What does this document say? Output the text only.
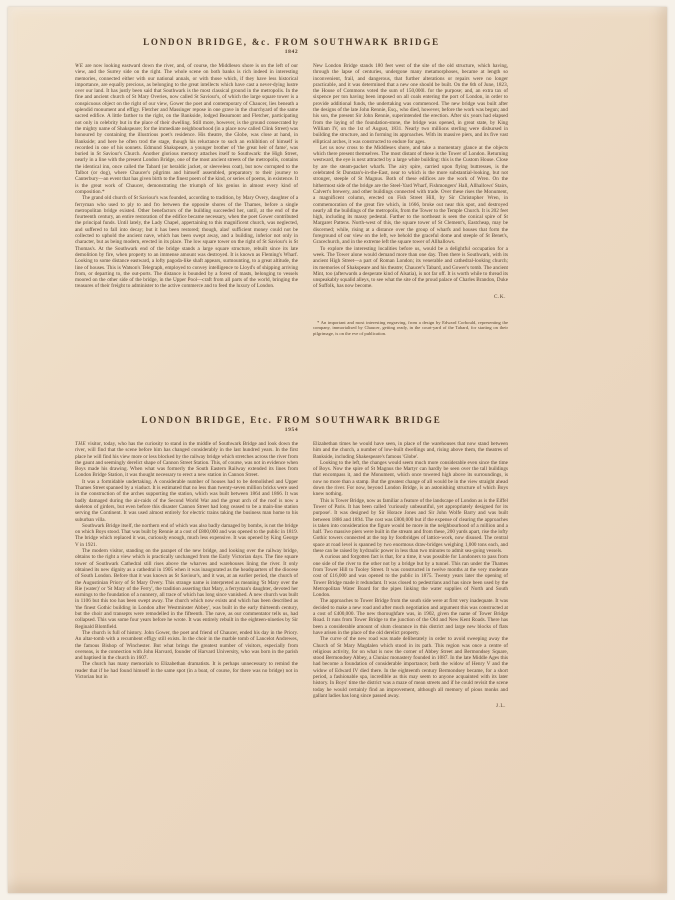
LONDON BRIDGE, &c. FROM SOUTHWARK BRIDGE
1842

WE are now looking eastward down the river, and, of course, the Middlesex shore is on the left of our view, and the Surrey side on the right. The whole scene on both banks is rich indeed in interesting memories, connected either with our national annals, or with those which, if they have less historical importance, are equally precious, as belonging to the great intellects which have cast a never-dying lustre over our land. It has justly been said that Southwark is the most classical ground in the metropolis. In the fine and ancient church of St Mary Overies, now called St Saviour's, of which the large square tower is a conspicuous object on the right of our view, Gower the poet and contemporary of Chaucer, lies beneath a splendid monument and effigy. Fletcher and Massinger repose in one grave in the churchyard of the same sacred edifice. A little farther to the right, on the Bankside, lodged Beaumont and Fletcher, participating not only in celebrity but in the place of their dwelling. Still more, however, is the ground consecrated by the mighty name of Shakspeare; for the immediate neighbourhood (in a place now called Clink Street) was honoured by containing the illustrious poet's residence. His theatre, the Globe, was close at hand, in Bankside; and here he often trod the stage, though his reluctance to such an exhibition of himself is recorded in one of his sonnets. Edmund Shakspeare, a younger brother of 'the great heir of fame', was buried in St Saviour's Church. Another glorious memory attaches itself to Southwark: the High Street, nearly in a line with the present London Bridge, one of the most ancient streets of the metropolis, contains the identical inn, once called the Tabard (or heraldic jacket, or sleeveless coat), but now corrupted to the Talbot (or dog), where Chaucer's pilgrims and himself assembled, preparatory to their journey to Canterbury—an event that has given birth to the finest poem of the kind, or series of poems, in existence. It is the great work of Chaucer, demonstrating the triumph of his genius in almost every kind of composition.*

The grand old church of St Saviour's was founded, according to tradition, by Mary Overy, daughter of a ferryman who used to ply to and fro between the opposite shores of the Thames, before a single metropolitan bridge existed. Other benefactors of the building succeeded her, until, at the end of the fourteenth century, an entire restoration of the edifice became necessary, when the poet Gower contributed the principal funds. Until lately, the Lady Chapel, appertaining to this magnificent church, was neglected, and suffered to fall into decay; but it has been restored; though, alas! sufficient money could not be collected to uphold the ancient nave, which has been swept away, and a building, inferior not only in character, but as being modern, erected in its place. The low square tower on the right of St Saviour's is St Thomas's. At the Southwark end of the bridge stands a large square structure, rebuilt since its late demolition by fire, when property to an immense amount was destroyed. It is known as Fleming's Wharf. Looking to some distance eastward, a lofty pagoda-like shaft appears, surmounting, to a great altitude, the line of houses. This is Watson's Telegraph, employed to convey intelligence to Lloyd's of shipping arriving from, or departing to, the out-ports. The distance is bounded by a forest of masts, belonging to vessels moored on the other side of the bridge, in the Upper Pool—craft from all parts of the world, bringing the treasures of their freight to administer to the active commerce and to feed the luxury of London.

New London Bridge stands 180 feet west of the site of the old structure, which having, through the lapse of centuries, undergone many metamorphoses, became at length so inconvenient, frail, and dangerous, that further alterations or repairs were no longer practicable, and it was determined that a new one should be built. On the 6th of June, 1823, the House of Commons voted the sum of 150,000l. for the purpose; and, an extra tax of sixpence per ton having been imposed on all coals entering the port of London, in order to provide additional funds, the undertaking was commenced. The new bridge was built after the designs of the late John Rennie, Esq., who died, however, before the work was begun; and his son, the present Sir John Rennie, superintended the erection. After six years had elapsed from the laying of the foundation-stone, the bridge was opened, in great state, by King William IV, on the 1st of August, 1831. Nearly two millions sterling were disbursed in building the structure, and in forming its approaches. With its massive piers, and its five vast elliptical arches, it was constructed to endure for ages.

Let us now cross to the Middlesex shore, and take a momentary glance at the objects which there present themselves. The most distant of these is the Tower of London. Returning westward, the eye is next attracted by a large white building: this is the Custom House. Close by are the steam-packet wharfs. The airy spire, carried upon flying buttresses, is the celebrated St Dunstan's-in-the-East, near to which is the more substantial-looking, but not stronger, steeple of St Magnus. Both of these edifices are the work of Wren. On the hithermost side of the bridge are the Steel-Yard Wharf, Fishmongers' Hall, Allhallows' Stairs, Calvert's brewery, and other buildings connected with trade. Over these rises the Monument, a magnificent column, erected on Fish Street Hill, by Sir Christopher Wren, in commemoration of the great fire which, in 1666, broke out near this spot, and destroyed nearly all the buildings of the metropolis, from the Tower to the Temple Church. It is 202 feet high, including its massy pedestal. Farther to the northeast is seen the conical spire of St Margaret Pattens. North-west of this, the square tower of St Clement's, Eastcheap, may be discerned; while, rising at a distance over the group of wharfs and houses that form the foreground of our view on the left, we behold the graceful dome and steeple of St Benet's, Gracechurch, and in the extreme left the square tower of Allhallows.

To explore the interesting localities before us, would be a delightful occupation for a week. The Tower alone would demand more than one day. Then there is Southwark, with its ancient High Street—a part of Roman London; its venerable and cathedral-looking church; its memories of Shakspeare and his theatre; Chaucer's Tabard, and Gower's tomb. The ancient Mint, too (afterwards a desperate kind of Alsatia), is not far off. It is worth while to thread its unspeakably squalid alleys, to see what the site of the proud palace of Charles Brandon, Duke of Suffolk, has now become.

C.K.

* An important and most interesting engraving, from a design by Edward Corbould, representing the company, immortalised by Chaucer, getting ready, in the court-yard of the Tabard, for starting on their pilgrimage, is on the eve of publication.

LONDON BRIDGE, Etc. FROM SOUTHWARK BRIDGE
1954

THE visitor, today, who has the curiosity to stand in the middle of Southwark Bridge and look down the river, will find that the scene before him has changed considerably in the last hundred years. In the first place he will find his view more or less blocked by the railway bridge which stretches across the river from the gaunt and seemingly derelict shape of Cannon Street Station. This, of course, was not in evidence when Boys made his drawing. When what was formerly the South Eastern Railway extended its lines from London Bridge Station, it was thought necessary to erect a new station in Cannon Street.

It was a formidable undertaking. A considerable number of houses had to be demolished and Upper Thames Street spanned by a viaduct. It is estimated that no less than twenty-seven million bricks were used in the construction of the arches supporting the station, which was built between 1864 and 1866. It was badly damaged during the air-raids of the Second World War and the great arch of the roof is now a skeleton of girders, but even before this disaster Cannon Street had long ceased to be a main-line station serving the Continent. It was used almost entirely for electric trains taking the business man home to his suburban villa.

Southwark Bridge itself, the northern end of which was also badly damaged by bombs, is not the bridge on which Boys stood. That was built by Rennie at a cost of £800,000 and was opened to the public in 1819. The bridge which replaced it was, curiously enough, much less expensive. It was opened by King George V in 1921.

The modern visitor, standing on the parapet of the new bridge, and looking over the railway bridge, obtains to the right a view which is practically unchanged from the Early Victorian days. The fine square tower of Southwark Cathedral still rises above the wharves and warehouses lining the river. It only obtained its new dignity as a cathedral in 1905 when it was inaugurated as the headquarters of the diocese of South London. Before that it was known as St Saviour's, and it was, at an earlier period, the church of the Augustinian Priory of St Mary Overy. This strange name is interpreted as meaning 'St Mary over the Rie (water)' or 'St Mary of the Ferry', the tradition asserting that Mary, a ferryman's daughter, devoted her earnings to the foundation of a nunnery, all trace of which has long since vanished. A new church was built in 1106 but this too has been swept away. The church which now exists and which has been described as 'the finest Gothic building in London after Westminster Abbey', was built in the early thirteenth century, but the choir and transepts were remodelled in the fifteenth. The nave, as our commentator tells us, had collapsed. This was some four years before he wrote. It was entirely rebuilt in the eighteen-nineties by Sir Reginald Blomfield.

The church is full of history. John Gower, the poet and friend of Chaucer, ended his day in the Priory. An altar-tomb with a recumbent effigy still exists. In the choir in the marble tomb of Lancelot Andrewes, the famous Bishop of Winchester. But what brings the greatest number of visitors, especially from overseas, is the connection with John Harvard, founder of Harvard University, who was born in the parish and baptised in the church in 1607.

The church has many memorials to Elizabethan dramatists. It is perhaps unnecessary to remind the reader that if he had found himself in the same spot (in a boat, of course, for there was no bridge) not in Victorian but in

Elizabethan times he would have seen, in place of the warehouses that now stand between him and the church, a number of low-built dwellings and, rising above them, the theatres of Bankside, including Shakespeare's famous 'Globe'.

Looking to the left, the changes would seem much more considerable even since the time of Boys. Now the spire of St Magnus the Martyr can hardly be seen over the tall buildings that encompass it, and the Monument, which once towered high above its surroundings, is now no more than a stamp. But the greatest change of all would be in the view straight ahead down the river. For now, beyond London Bridge, is an astonishing structure of which Boys knew nothing.

This is Tower Bridge, now as familiar a feature of the landscape of London as is the Eiffel Tower of Paris. It has been called 'curiously unbeautiful, yet appropriately designed for its purpose'. It was designed by Sir Horace Jones and Sir John Wolfe Barry and was built between 1886 and 1894. The cost was £800,000 but if the expense of clearing the approaches is taken into consideration the figure would be more in the neighbourhood of a million and a half. Two massive piers were built in the stream and from these, 200 yards apart, rise the lofty Gothic towers connected at the top by footbridges of lattice-work, now disused. The central space at road level is spanned by two enormous draw-bridges weighing 1,000 tons each, and these can be raised by hydraulic power in less than two minutes to admit sea-going vessels.

A curious and forgotten fact is that, for a time, it was possible for Londoners to pass from one side of the river to the other not by a bridge but by a tunnel. This ran under the Thames from Tower Hill to Tooley Street. It was constructed in twelve months at the very moderate cost of £16,000 and was opened to the public in 1875. Twenty years later the opening of Tower Bridge made it redundant. It was closed to pedestrians and has since been used by the Metropolitan Water Board for the pipes linking the water supplies of North and South London.

The approaches to Tower Bridge from the south side were at first very inadequate. It was decided to make a new road and after much negotiation and argument this was constructed at a cost of £400,000. The new thoroughfare was, in 1902, given the name of Tower Bridge Road. It runs from Tower Bridge to the junction of the Old and New Kent Roads. There has been a considerable amount of slum clearance in this district and large new blocks of flats have arisen in the place of the old derelict property.

The curve of the new road was made deliberately in order to avoid sweeping away the Church of St Mary Magdalen which stood in its path. This region was once a centre of religious activity, for on what is now the corner of Abbey Street and Bermondsey Square, stood Bermondsey Abbey, a Cluniac monastery founded in 1087. In the late Middle Ages this had become a foundation of considerable importance; both the widow of Henry V and the widow of Edward IV died there. In the eighteenth century Bermondsey became, for a short period, a fashionable spa, incredible as this may seem to anyone acquainted with its later history. In Boys' time the district was a maze of mean streets and if he could revisit the scene today he would certainly find an improvement, although all memory of pious monks and gallant ladies has long since passed away.

J.L.
